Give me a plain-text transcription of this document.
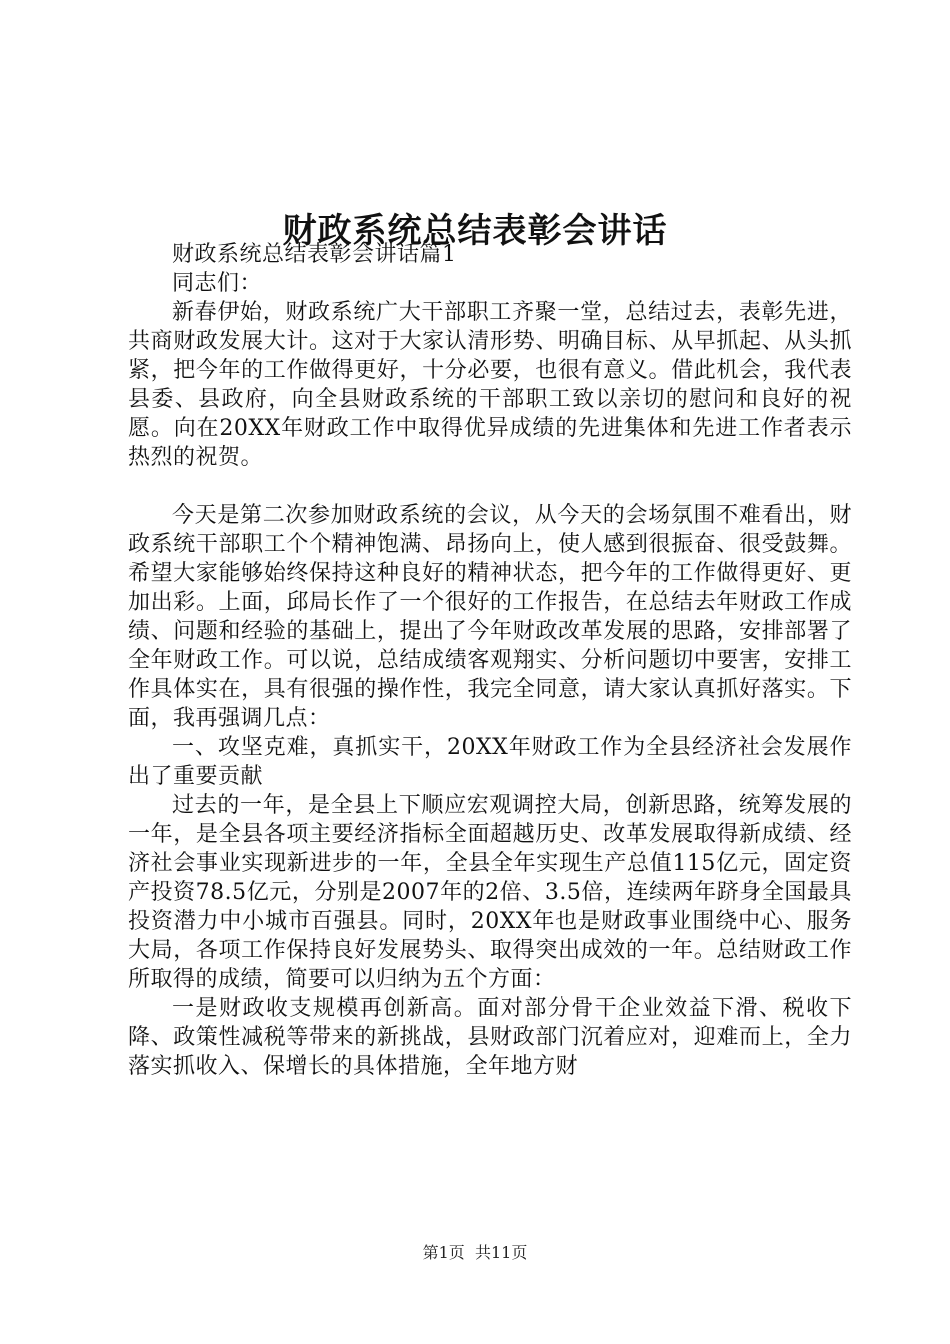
财政系统总结表彰会讲话

财政系统总结表彰会讲话篇1

同志们：

新春伊始，财政系统广大干部职工齐聚一堂，总结过去，表彰先进，共商财政发展大计。这对于大家认清形势、明确目标、从早抓起、从头抓紧，把今年的工作做得更好，十分必要，也很有意义。借此机会，我代表县委、县政府，向全县财政系统的干部职工致以亲切的慰问和良好的祝愿。向在20XX年财政工作中取得优异成绩的先进集体和先进工作者表示热烈的祝贺。

今天是第二次参加财政系统的会议，从今天的会场氛围不难看出，财政系统干部职工个个精神饱满、昂扬向上，使人感到很振奋、很受鼓舞。希望大家能够始终保持这种良好的精神状态，把今年的工作做得更好、更加出彩。上面，邱局长作了一个很好的工作报告，在总结去年财政工作成绩、问题和经验的基础上，提出了今年财政改革发展的思路，安排部署了全年财政工作。可以说，总结成绩客观翔实、分析问题切中要害，安排工作具体实在，具有很强的操作性，我完全同意，请大家认真抓好落实。下面，我再强调几点：

一、攻坚克难，真抓实干，20XX年财政工作为全县经济社会发展作出了重要贡献

过去的一年，是全县上下顺应宏观调控大局，创新思路，统筹发展的一年，是全县各项主要经济指标全面超越历史、改革发展取得新成绩、经济社会事业实现新进步的一年，全县全年实现生产总值115亿元，固定资产投资78.5亿元，分别是2007年的2倍、3.5倍，连续两年跻身全国最具投资潜力中小城市百强县。同时，20XX年也是财政事业围绕中心、服务大局，各项工作保持良好发展势头、取得突出成效的一年。总结财政工作所取得的成绩，简要可以归纳为五个方面：

一是财政收支规模再创新高。面对部分骨干企业效益下滑、税收下降、政策性减税等带来的新挑战，县财政部门沉着应对，迎难而上，全力落实抓收入、保增长的具体措施，全年地方财

第1页 共11页
